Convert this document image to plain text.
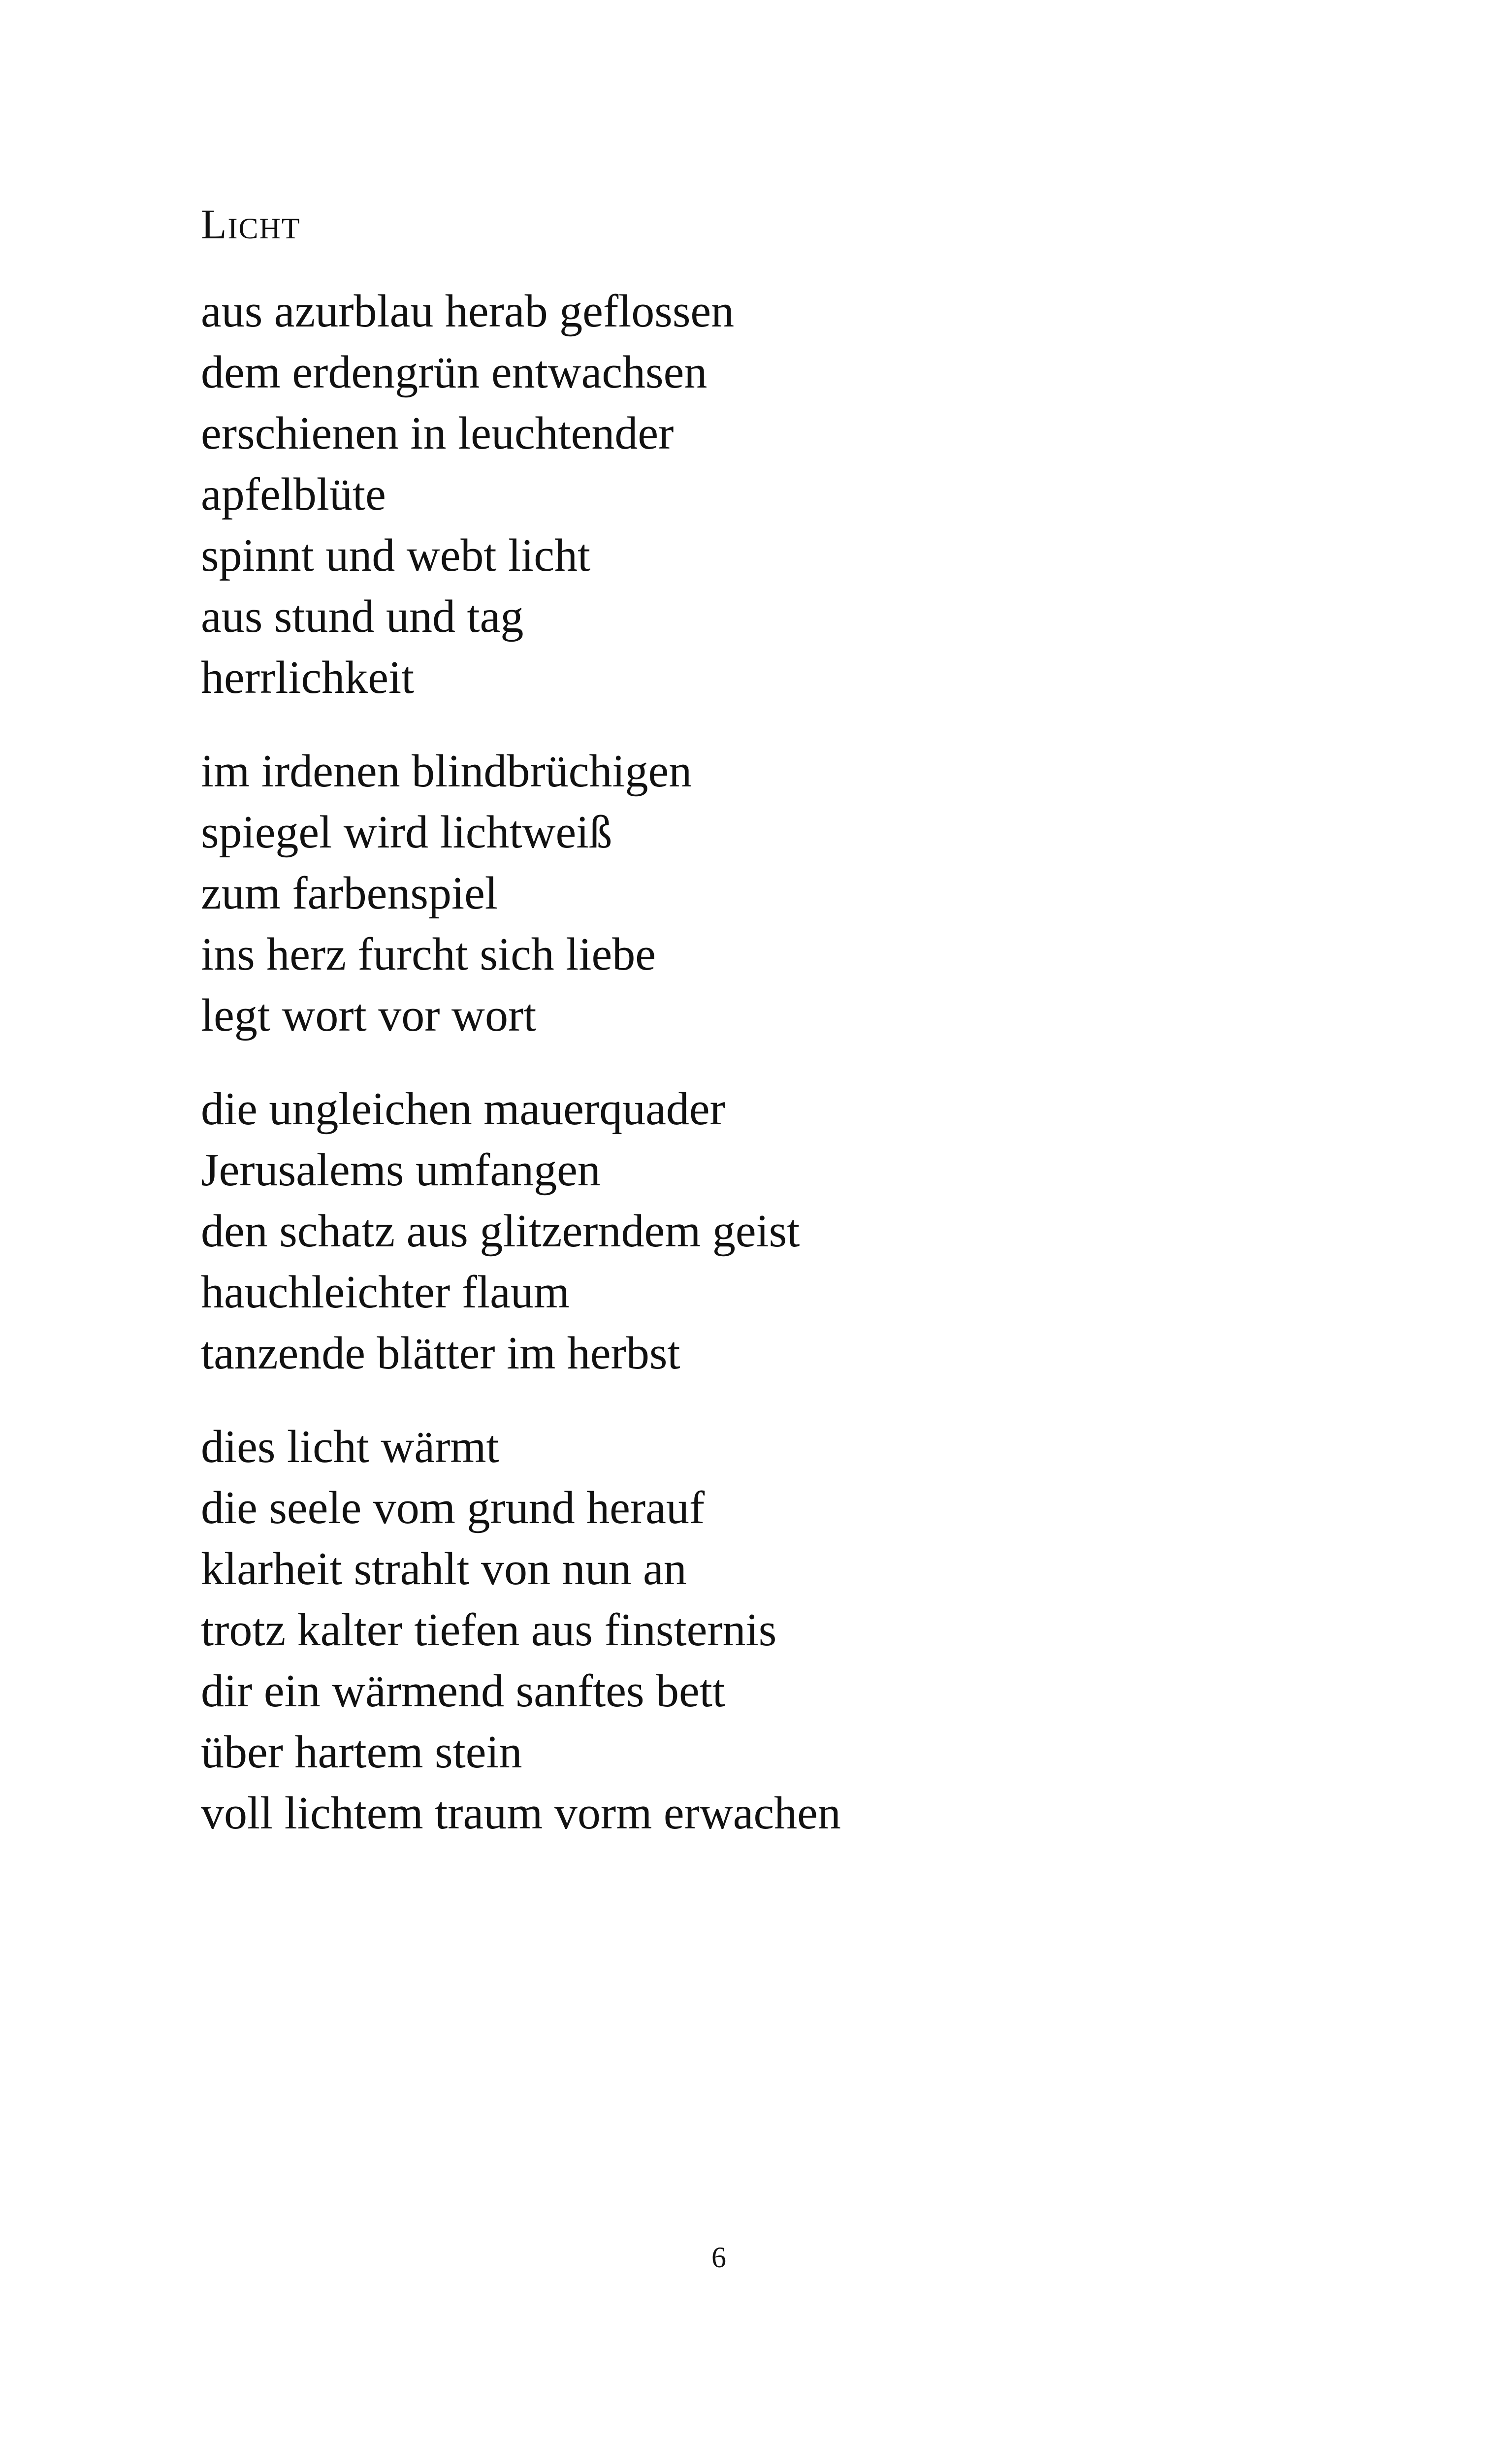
Licht
aus azurblau herab geflossen
dem erdengrün entwachsen
erschienen in leuchtender
apfelblüte
spinnt und webt licht
aus stund und tag
herrlichkeit
im irdenen blindbrüchigen
spiegel wird lichtweiß
zum farbenspiel
ins herz furcht sich liebe
legt wort vor wort
die ungleichen mauerquader
Jerusalems umfangen
den schatz aus glitzerndem geist
hauchleichter flaum
tanzende blätter im herbst
dies licht wärmt
die seele vom grund herauf
klarheit strahlt von nun an
trotz kalter tiefen aus finsternis
dir ein wärmend sanftes bett
über hartem stein
voll lichtem traum vorm erwachen
6
